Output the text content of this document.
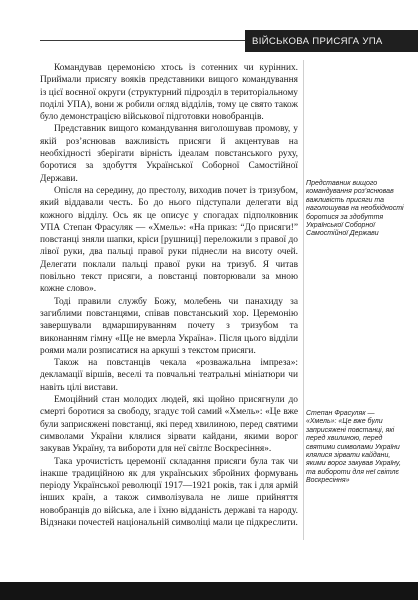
ВІЙСЬКОВА ПРИСЯГА УПА

Командував церемонією хтось із сотенних чи курінних. Приймали присягу вояків представники вищого командування із цієї воєнної округи (структурний підрозділ в територіальному поділі УПА), вони ж робили огляд відділів, тому це свято також було демонстрацією військової підготовки новобранців.

Представник вищого командування виголошував промову, у якій роз’яснював важливість присяги й акцентував на необхідності зберігати вірність ідеалам повстанського руху, боротися за здобуття Української Соборної Самостійної Держави.

Опісля на середину, до престолу, виходив почет із тризубом, який віддавали честь. Бо до нього підступали делегати від кожного відділу. Ось як це описує у спогадах підполковник УПА Степан Фрасуляк — «Хмель»: «На приказ: “До присяги!” повстанці зняли шапки, кріси [рушниці] переложили з правої до лівої руки, два пальці правої руки піднесли на висоту очей. Делегати поклали пальці правої руки на тризуб. Я читав повільно текст присяги, а повстанці повторювали за мною кожне слово».

Тоді правили службу Божу, молебень чи панахиду за загиблими повстанцями, співав повстанський хор. Церемонію завершували вдмаршируванням почету з тризубом та виконанням гімну «Ще не вмерла Україна». Після цього відділи роями мали розписатися на аркуші з текстом присяги.

Також на повстанців чекала «розважальна імпреза»: декламації віршів, веселі та повчальні театральні мініатюри чи навіть цілі вистави.

Емоційний стан молодих людей, які щойно присягнули до смерті боротися за свободу, згадує той самий «Хмель»: «Це вже були заприсяжені повстанці, які перед хвилиною, перед святими символами України клялися зірвати кайдани, якими ворог закував Україну, та вибороти для неї світлє Воскресіння».

Така урочистість церемонії складання присяги була так чи інакше традиційною як для українських збройних формувань періоду Української революції 1917—1921 років, так і для армій інших країн, а також символізувала не лише прийняття новобранців до війська, але і їхню відданість державі та народу. Відзнаки почестей національній символіці мали це підкреслити.

Представник вищого командування роз’яснював важливість присяги та наголошував на необхідності боротися за здобуття Української Соборної Самостійної Держави
Степан Фрасуляк — «Хмель»: «Це вже були заприсяжені повстанці, які перед хвилиною, перед святими символами України клялися зірвати кайдани, якими ворог закував Україну, та вибороти для неї світлє Воскресіння»
